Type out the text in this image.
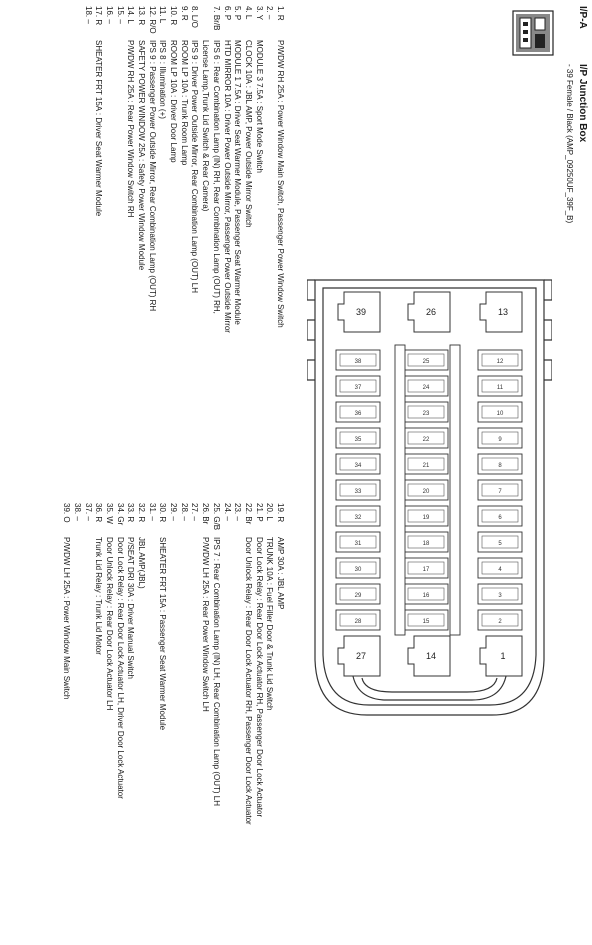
I/P-A
I/P Junction Box
- 39 Female / Black (AMP_09250UF_39F_B)
13
26
39
1
14
27
12
11
10
9
8
7
6
5
4
3
2
25
24
23
22
21
20
19
18
17
16
15
38
37
36
35
34
33
32
31
30
29
28
1. R
P/WDW RH 25A : Power Window Main Switch, Passenger Power Window Switch
2. –
3. Y
MODULE 3 7.5A : Sport Mode Switch
4. L
CLOCK 10A : JBL AMP, Power Outside Mirror Switch
5. P
MODULE 1 7.5A : Driver Seat Warmer Module, Passenger Seat Warmer Module
6. P
HTD MIRROR 10A : Driver Power Outside Mirror, Passenger Power Outside Mirror
7. Br/B
IPS 6 : Rear Combination Lamp (IN) RH, Rear Combination Lamp (OUT) RH,
License Lamp,Trunk Lid Switch & Rear Camera)
8. L/O
IPS 9 : Driver Power Outside Mirror, Rear Combination Lamp (OUT) LH
9. R
ROOM LP 10A : Trunk Room Lamp
10. R
ROOM LP 10A : Driver Door Lamp
11. L
IPS 8 : Illumination (+)
12. R/O
IPS 9 : Passenger Power Outside Mirror, Rear Combination Lamp (OUT) RH
13. R
SAFETY POWER WINDOW 25A : Safety Power Window Module
14. L
P/WDW RH 25A : Rear Power Window Switch RH
15. –
16. –
17. R
SHEATER FRT 15A : Driver Seat Warmer Module
18. –
19. R
AMP 30A : JBL AMP
20. L
TRUNK 10A : Fuel Filler Door & Trunk Lid Switch
21. P
Door Lock Relay : Rear Door Lock Actuator RH, Passenger Door Lock Actuator
22. Br
Door Unlock Relay : Rear Door Lock Actuator RH, Passenger Door Lock Actuator
23. –
24. –
25. G/B
IPS 7 : Rear Combination Lamp (IN) LH, Rear Combination Lamp (OUT) LH
26. Br
P/WDW LH 25A : Rear Power Window Switch LH
27. –
28. –
29. –
30. R
SHEATER FRT 15A : Passenger Seat Warmer Module
31. –
32. R
JBL AMP(JBL)
33. R
P/SEAT DRI 30A : Driver Manual Switch
34. Gr
Door Lock Relay : Rear Door Lock Actuator LH, Driver Door Lock Actuator
35. W
Door Unlock Relay : Rear Door Lock Actuator LH
36. R
Trunk Lid Relay : Trunk Lid Motor
37. –
38. –
39. O
P/WDW LH 25A : Power Window Main Switch
